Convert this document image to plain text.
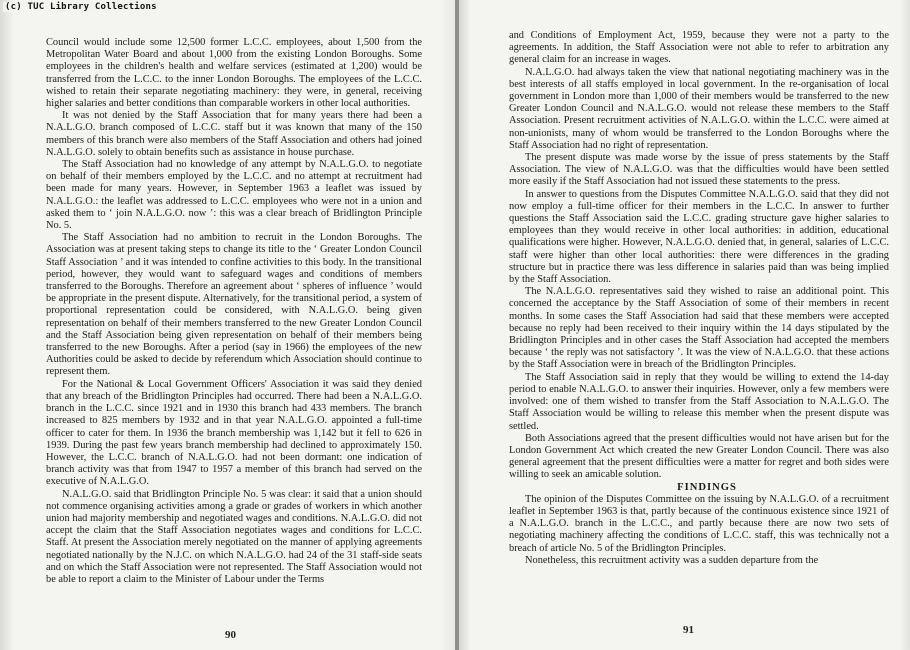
(c) TUC Library Collections

Council would include some 12,500 former L.C.C. employees, about 1,500 from the Metropolitan Water Board and about 1,000 from the existing London Boroughs. Some employees in the children's health and welfare services (estimated at 1,200) would be transferred from the L.C.C. to the inner London Boroughs. The employees of the L.C.C. wished to retain their separate negotiating machinery: they were, in general, receiving higher salaries and better conditions than comparable workers in other local authorities.

It was not denied by the Staff Association that for many years there had been a N.A.L.G.O. branch composed of L.C.C. staff but it was known that many of the 150 members of this branch were also members of the Staff Association and others had joined N.A.L.G.O. solely to obtain benefits such as assistance in house purchase.

The Staff Association had no knowledge of any attempt by N.A.L.G.O. to negotiate on behalf of their members employed by the L.C.C. and no attempt at recruitment had been made for many years. However, in September 1963 a leaflet was issued by N.A.L.G.O.: the leaflet was addressed to L.C.C. employees who were not in a union and asked them to ‘ join N.A.L.G.O. now ’: this was a clear breach of Bridlington Principle No. 5.

The Staff Association had no ambition to recruit in the London Boroughs. The Association was at present taking steps to change its title to the ‘ Greater London Council Staff Association ’ and it was intended to confine activities to this body. In the transitional period, however, they would want to safeguard wages and conditions of members transferred to the Boroughs. Therefore an agreement about ‘ spheres of influence ’ would be appropriate in the present dispute. Alternatively, for the transitional period, a system of proportional representation could be considered, with N.A.L.G.O. being given representation on behalf of their members transferred to the new Greater London Council and the Staff Association being given representation on behalf of their members being transferred to the new Boroughs. After a period (say in 1966) the employees of the new Authorities could be asked to decide by referendum which Association should continue to represent them.

For the National & Local Government Officers' Association it was said they denied that any breach of the Bridlington Principles had occurred. There had been a N.A.L.G.O. branch in the L.C.C. since 1921 and in 1930 this branch had 433 members. The branch increased to 825 members by 1932 and in that year N.A.L.G.O. appointed a full-time officer to cater for them. In 1936 the branch membership was 1,142 but it fell to 626 in 1939. During the past few years branch membership had declined to approximately 150. However, the L.C.C. branch of N.A.L.G.O. had not been dormant: one indication of branch activity was that from 1947 to 1957 a member of this branch had served on the executive of N.A.L.G.O.

N.A.L.G.O. said that Bridlington Principle No. 5 was clear: it said that a union should not commence organising activities among a grade or grades of workers in which another union had majority membership and negotiated wages and conditions. N.A.L.G.O. did not accept the claim that the Staff Association negotiates wages and conditions for L.C.C. Staff. At present the Association merely negotiated on the manner of applying agreements negotiated nationally by the N.J.C. on which N.A.L.G.O. had 24 of the 31 staff-side seats and on which the Staff Association were not represented. The Staff Association would not be able to report a claim to the Minister of Labour under the Terms

90

and Conditions of Employment Act, 1959, because they were not a party to the agreements. In addition, the Staff Association were not able to refer to arbitration any general claim for an increase in wages.

N.A.L.G.O. had always taken the view that national negotiating machinery was in the best interests of all staffs employed in local government. In the re-organisation of local government in London more than 1,000 of their members would be transferred to the new Greater London Council and N.A.L.G.O. would not release these members to the Staff Association. Present recruitment activities of N.A.L.G.O. within the L.C.C. were aimed at non-unionists, many of whom would be transferred to the London Boroughs where the Staff Association had no right of representation.

The present dispute was made worse by the issue of press statements by the Staff Association. The view of N.A.L.G.O. was that the difficulties would have been settled more easily if the Staff Association had not issued these statements to the press.

In answer to questions from the Disputes Committee N.A.L.G.O. said that they did not now employ a full-time officer for their members in the L.C.C. In answer to further questions the Staff Association said the L.C.C. grading structure gave higher salaries to employees than they would receive in other local authorities: in addition, educational qualifications were higher. However, N.A.L.G.O. denied that, in general, salaries of L.C.C. staff were higher than other local authorities: there were differences in the grading structure but in practice there was less difference in salaries paid than was being implied by the Staff Association.

The N.A.L.G.O. representatives said they wished to raise an additional point. This concerned the acceptance by the Staff Association of some of their members in recent months. In some cases the Staff Association had said that these members were accepted because no reply had been received to their inquiry within the 14 days stipulated by the Bridlington Principles and in other cases the Staff Association had accepted the members because ‘ the reply was not satisfactory ’. It was the view of N.A.L.G.O. that these actions by the Staff Association were in breach of the Bridlington Principles.

The Staff Association said in reply that they would be willing to extend the 14-day period to enable N.A.L.G.O. to answer their inquiries. However, only a few members were involved: one of them wished to transfer from the Staff Association to N.A.L.G.O. The Staff Association would be willing to release this member when the present dispute was settled.

Both Associations agreed that the present difficulties would not have arisen but for the London Government Act which created the new Greater London Council. There was also general agreement that the present difficulties were a matter for regret and both sides were willing to seek an amicable solution.

FINDINGS

The opinion of the Disputes Committee on the issuing by N.A.L.G.O. of a recruitment leaflet in September 1963 is that, partly because of the continuous existence since 1921 of a N.A.L.G.O. branch in the L.C.C., and partly because there are now two sets of negotiating machinery affecting the conditions of L.C.C. staff, this was technically not a breach of article No. 5 of the Bridlington Principles.

Nonetheless, this recruitment activity was a sudden departure from the

91
